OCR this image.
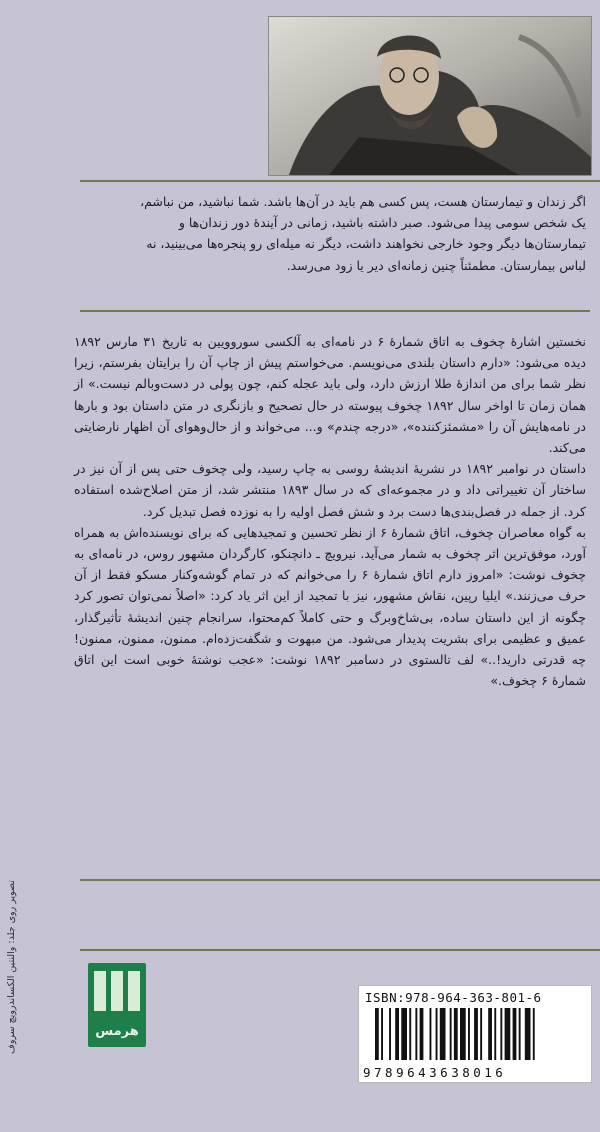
اگر زندان و تیمارستان هست، پس کسی هم باید در آن‌ها باشد. شما نباشید، من نباشم،

یک شخص سومی پیدا می‌شود. صبر داشته باشید، زمانی در آیندهٔ دور زندان‌ها و

تیمارستان‌ها دیگر وجود خارجی نخواهند داشت، دیگر نه میله‌ای رو پنجره‌ها می‌بینید، نه

لباس بیمارستان. مطمئناً چنین زمانه‌ای دیر یا زود می‌رسد.

نخستین اشارهٔ چخوف به اتاق شمارهٔ ۶ در نامه‌ای به آلکسی سوروویین به تاریخ ۳۱ مارس ۱۸۹۲ دیده می‌شود: «دارم داستان بلندی می‌نویسم. می‌خواستم پیش از چاپ آن را برایتان بفرستم، زیرا نظر شما برای من اندازهٔ طلا ارزش دارد، ولی باید عجله کنم، چون پولی در دست‌وبالم نیست.» از همان زمان تا اواخر سال ۱۸۹۲ چخوف پیوسته در حال تصحیح و بازنگری در متن داستان بود و بارها در نامه‌هایش آن را «مشمئزکننده»، «درجه چندم» و... می‌خواند و از حال‌وهوای آن اظهار نارضایتی می‌کند.

داستان در نوامبر ۱۸۹۲ در نشریهٔ اندیشهٔ روسی به چاپ رسید، ولی چخوف حتی پس از آن نیز در ساختار آن تغییراتی داد و در مجموعه‌ای که در سال ۱۸۹۳ منتشر شد، از متن اصلاح‌شده استفاده کرد. از جمله در فصل‌بندی‌ها دست برد و شش فصل اولیه را به نوزده فصل تبدیل کرد.

به گواه معاصران چخوف، اتاق شمارهٔ ۶ از نظر تحسین و تمجیدهایی که برای نویسنده‌اش به همراه آورد، موفق‌ترین اثر چخوف به شمار می‌آید. نیرویچ ـ دانچنکو، کارگردان مشهور روس، در نامه‌ای به چخوف نوشت: «امروز دارم اتاق شمارهٔ ۶ را می‌خوانم که در تمام گوشه‌وکنار مسکو فقط از آن حرف می‌زنند.» ایلیا رپین، نقاش مشهور، نیز با تمجید از این اثر یاد کرد: «اصلاً نمی‌توان تصور کرد چگونه از این داستان ساده، بی‌شاخ‌وبرگ و حتی کاملاً کم‌محتوا، سرانجام چنین اندیشهٔ تأثیرگذار، عمیق و عظیمی برای بشریت پدیدار می‌شود. من مبهوت و شگفت‌زده‌ام. ممنون، ممنون، ممنون! چه قدرتی دارید!..» لف تالستوی در دسامبر ۱۸۹۲ نوشت: «عجب نوشتهٔ خوبی است این اتاق شمارهٔ ۶ چخوف.»

تصویر روی جلد: والنتین الکساندرویچ سروف	هرمس
ISBN:978-964-363-801-6
9789643638016
